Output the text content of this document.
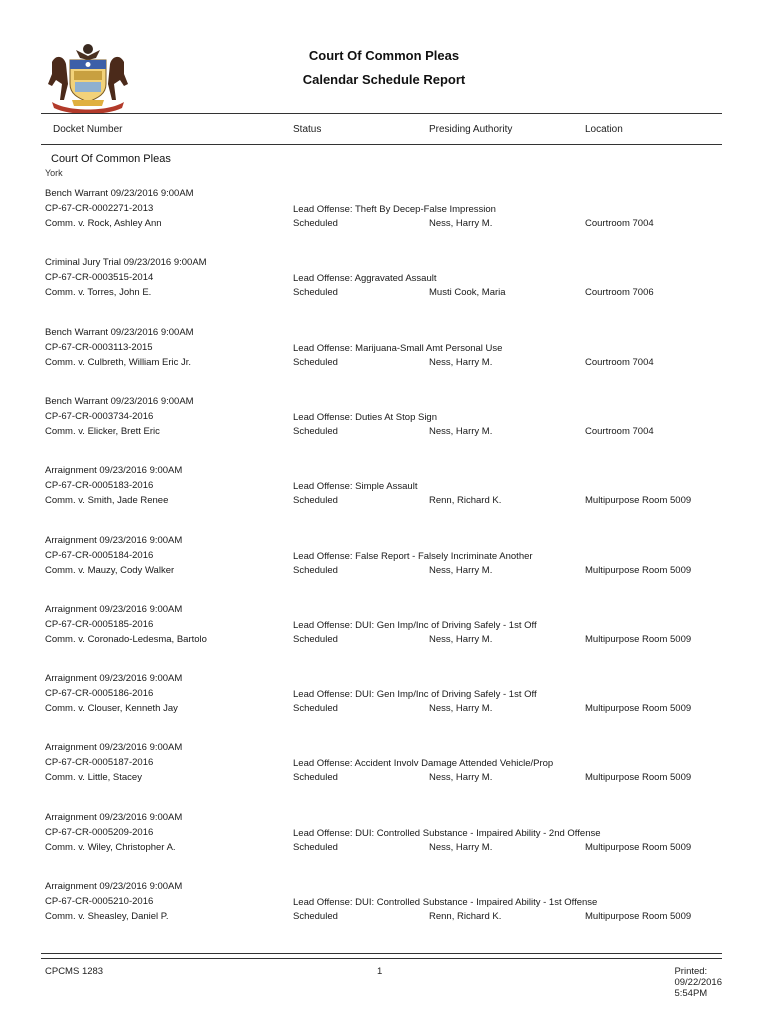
Court Of Common Pleas
Calendar Schedule Report
Docket Number	Status	Presiding Authority	Location
Court Of Common Pleas
York
Bench Warrant 09/23/2016 9:00AM
CP-67-CR-0002271-2013
Comm. v. Rock, Ashley Ann
Lead Offense: Theft By Decep-False Impression
Scheduled	Ness, Harry M.	Courtroom 7004
Criminal Jury Trial 09/23/2016 9:00AM
CP-67-CR-0003515-2014
Comm. v. Torres, John E.
Lead Offense: Aggravated Assault
Scheduled	Musti Cook, Maria	Courtroom 7006
Bench Warrant 09/23/2016 9:00AM
CP-67-CR-0003113-2015
Comm. v. Culbreth, William Eric Jr.
Lead Offense: Marijuana-Small Amt Personal Use
Scheduled	Ness, Harry M.	Courtroom 7004
Bench Warrant 09/23/2016 9:00AM
CP-67-CR-0003734-2016
Comm. v. Elicker, Brett Eric
Lead Offense: Duties At Stop Sign
Scheduled	Ness, Harry M.	Courtroom 7004
Arraignment 09/23/2016 9:00AM
CP-67-CR-0005183-2016
Comm. v. Smith, Jade Renee
Lead Offense: Simple Assault
Scheduled	Renn, Richard K.	Multipurpose Room 5009
Arraignment 09/23/2016 9:00AM
CP-67-CR-0005184-2016
Comm. v. Mauzy, Cody Walker
Lead Offense: False Report - Falsely Incriminate Another
Scheduled	Ness, Harry M.	Multipurpose Room 5009
Arraignment 09/23/2016 9:00AM
CP-67-CR-0005185-2016
Comm. v. Coronado-Ledesma, Bartolo
Lead Offense: DUI: Gen Imp/Inc of Driving Safely - 1st Off
Scheduled	Ness, Harry M.	Multipurpose Room 5009
Arraignment 09/23/2016 9:00AM
CP-67-CR-0005186-2016
Comm. v. Clouser, Kenneth Jay
Lead Offense: DUI: Gen Imp/Inc of Driving Safely - 1st Off
Scheduled	Ness, Harry M.	Multipurpose Room 5009
Arraignment 09/23/2016 9:00AM
CP-67-CR-0005187-2016
Comm. v. Little, Stacey
Lead Offense: Accident Involv Damage Attended Vehicle/Prop
Scheduled	Ness, Harry M.	Multipurpose Room 5009
Arraignment 09/23/2016 9:00AM
CP-67-CR-0005209-2016
Comm. v. Wiley, Christopher A.
Lead Offense: DUI: Controlled Substance - Impaired Ability - 2nd Offense
Scheduled	Ness, Harry M.	Multipurpose Room 5009
Arraignment 09/23/2016 9:00AM
CP-67-CR-0005210-2016
Comm. v. Sheasley, Daniel P.
Lead Offense: DUI: Controlled Substance - Impaired Ability - 1st Offense
Scheduled	Renn, Richard K.	Multipurpose Room 5009
CPCMS 1283	1	Printed: 09/22/2016 5:54PM
